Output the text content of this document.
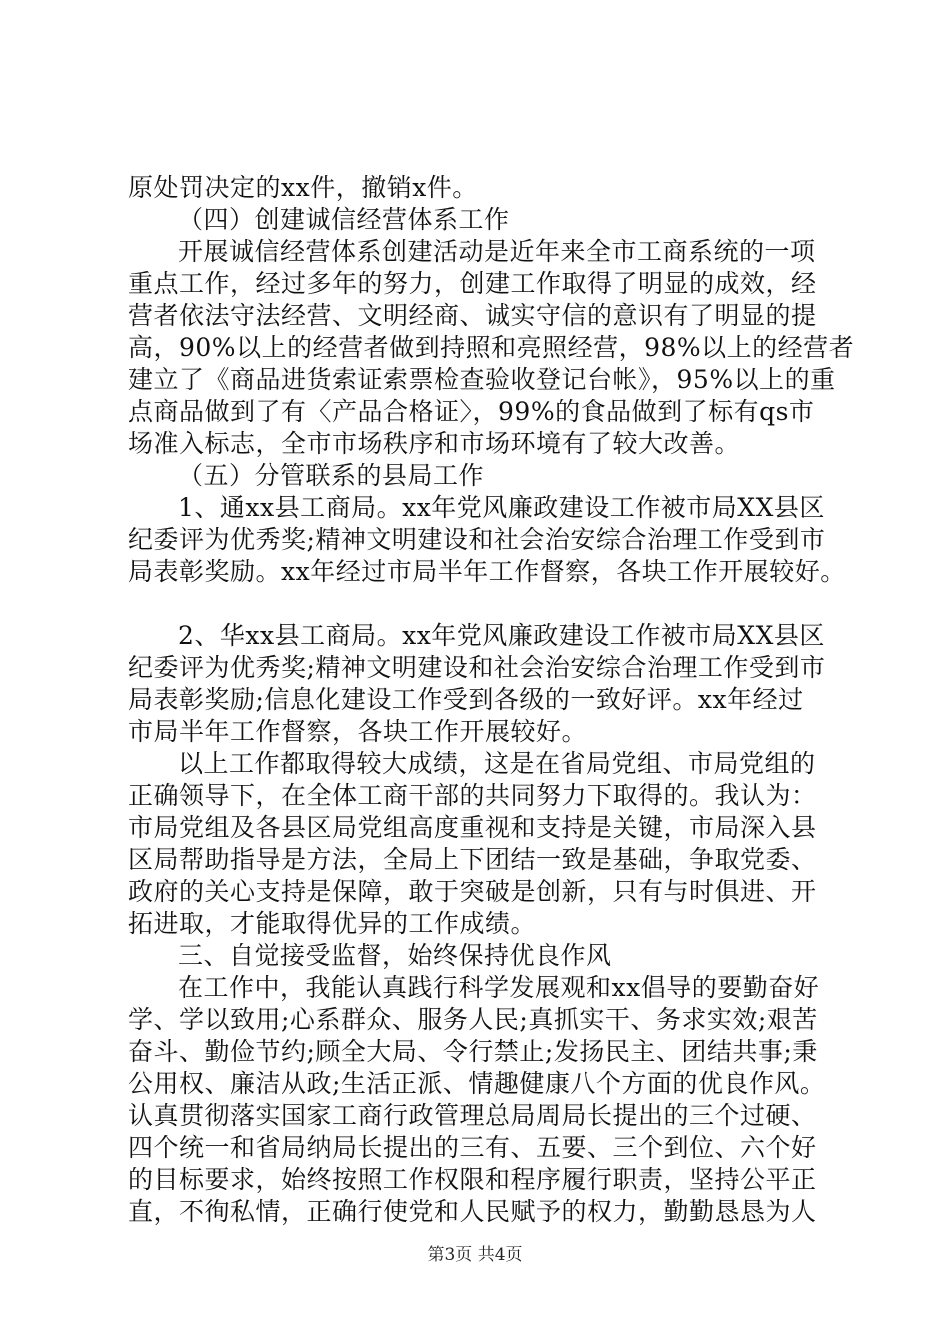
原处罚决定的xx件，撤销x件。
（四）创建诚信经营体系工作
开展诚信经营体系创建活动是近年来全市工商系统的一项
重点工作，经过多年的努力，创建工作取得了明显的成效，经
营者依法守法经营、文明经商、诚实守信的意识有了明显的提
高，90%以上的经营者做到持照和亮照经营，98%以上的经营者
建立了《商品进货索证索票检查验收登记台帐》，95%以上的重
点商品做到了有〈产品合格证〉，99%的食品做到了标有qs市
场准入标志，全市市场秩序和市场环境有了较大改善。
（五）分管联系的县局工作
1、通xx县工商局。xx年党风廉政建设工作被市局XX县区
纪委评为优秀奖;精神文明建设和社会治安综合治理工作受到市
局表彰奖励。xx年经过市局半年工作督察，各块工作开展较好。
2、华xx县工商局。xx年党风廉政建设工作被市局XX县区
纪委评为优秀奖;精神文明建设和社会治安综合治理工作受到市
局表彰奖励;信息化建设工作受到各级的一致好评。xx年经过
市局半年工作督察，各块工作开展较好。
以上工作都取得较大成绩，这是在省局党组、市局党组的
正确领导下，在全体工商干部的共同努力下取得的。我认为：
市局党组及各县区局党组高度重视和支持是关键，市局深入县
区局帮助指导是方法，全局上下团结一致是基础，争取党委、
政府的关心支持是保障，敢于突破是创新，只有与时俱进、开
拓进取，才能取得优异的工作成绩。
三、自觉接受监督，始终保持优良作风
在工作中，我能认真践行科学发展观和xx倡导的要勤奋好
学、学以致用;心系群众、服务人民;真抓实干、务求实效;艰苦
奋斗、勤俭节约;顾全大局、令行禁止;发扬民主、团结共事;秉
公用权、廉洁从政;生活正派、情趣健康八个方面的优良作风。
认真贯彻落实国家工商行政管理总局周局长提出的三个过硬、
四个统一和省局纳局长提出的三有、五要、三个到位、六个好
的目标要求，始终按照工作权限和程序履行职责，坚持公平正
直，不徇私情，正确行使党和人民赋予的权力，勤勤恳恳为人
第3页 共4页
